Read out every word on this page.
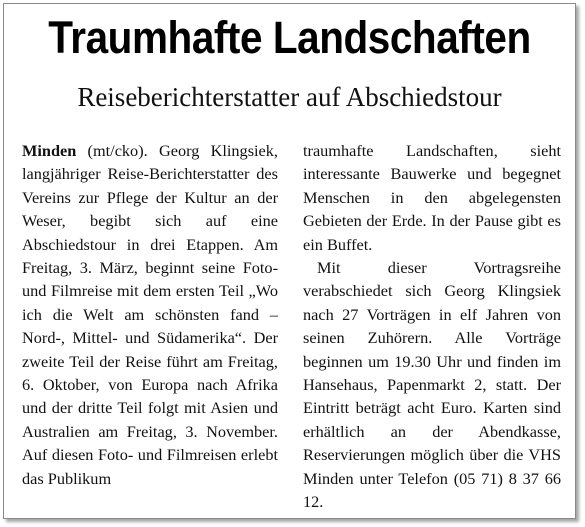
Traumhafte Landschaften
Reiseberichterstatter auf Abschiedstour

Minden (mt/cko). Georg Klingsiek, langjähriger Reise-Berichterstatter des Vereins zur Pflege der Kultur an der Weser, begibt sich auf eine Abschiedstour in drei Etappen. Am Freitag, 3. März, beginnt seine Foto- und Filmreise mit dem ersten Teil „Wo ich die Welt am schönsten fand – Nord-, Mittel- und Südamerika“. Der zweite Teil der Reise führt am Freitag, 6. Oktober, von Europa nach Afrika und der dritte Teil folgt mit Asien und Australien am Freitag, 3. November. Auf diesen Foto- und Filmreisen erlebt das Publikum

traumhafte Landschaften, sieht interessante Bauwerke und begegnet Menschen in den abgelegensten Gebieten der Erde. In der Pause gibt es ein Buffet.

Mit dieser Vortragsreihe verabschiedet sich Georg Klingsiek nach 27 Vorträgen in elf Jahren von seinen Zuhörern. Alle Vorträge beginnen um 19.30 Uhr und finden im Hansehaus, Papenmarkt 2, statt. Der Eintritt beträgt acht Euro. Karten sind erhältlich an der Abendkasse, Reservierungen möglich über die VHS Minden unter Telefon (05 71) 8 37 66 12.
